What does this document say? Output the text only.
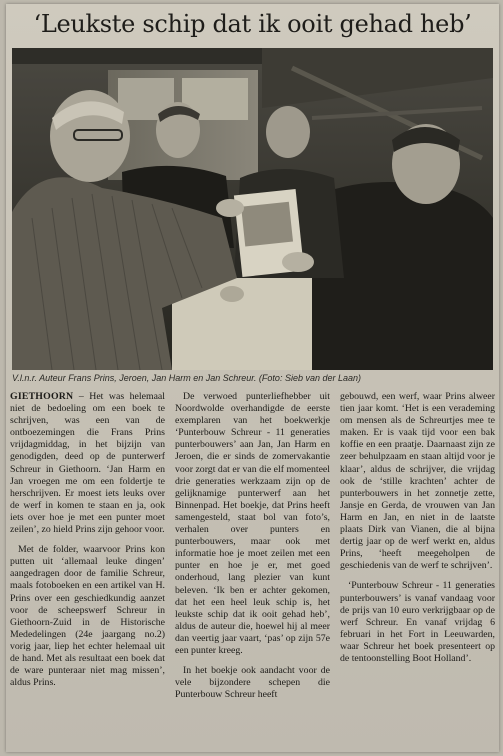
‘Leukste schip dat ik ooit gehad heb’
V.l.n.r. Auteur Frans Prins, Jeroen, Jan Harm en Jan Schreur. (Foto: Sieb van der Laan)

GIETHOORN – Het was helemaal niet de bedoeling om een boek te schrijven, was een van de ontboezemingen die Frans Prins vrijdagmiddag, in het bijzijn van genodigden, deed op de punterwerf Schreur in Giethoorn. ‘Jan Harm en Jan vroegen me om een foldertje te herschrijven. Er moest iets leuks over de werf in komen te staan en ja, ook iets over hoe je met een punter moet zeilen’, zo hield Prins zijn gehoor voor.

Met de folder, waarvoor Prins kon putten uit ‘allemaal leuke dingen’ aangedragen door de familie Schreur, maals fotoboeken en een artikel van H. Prins over een geschiedkundig aanzet voor de scheepswerf Schreur in Giethoorn-Zuid in de Historische Mededelingen (24e jaargang no.2) vorig jaar, liep het echter helemaal uit de hand. Met als resultaat een boek dat de ware punteraar niet mag missen’, aldus Prins.

De verwoed punterliefhebber uit Noordwolde overhandigde de eerste exemplaren van het boekwerkje ‘Punterbouw Schreur - 11 generaties punterbouwers’ aan Jan, Jan Harm en Jeroen, die er sinds de zomervakantie voor zorgt dat er van die elf momenteel drie generaties werkzaam zijn op de gelijknamige punterwerf aan het Binnenpad. Het boekje, dat Prins heeft samengesteld, staat bol van foto’s, verhalen over punters en punterbouwers, maar ook met informatie hoe je moet zeilen met een punter en hoe je er, met goed onderhoud, lang plezier van kunt beleven. ‘Ik ben er achter gekomen, dat het een heel leuk schip is, het leukste schip dat ik ooit gehad heb’, aldus de auteur die, hoewel hij al meer dan veertig jaar vaart, ‘pas’ op zijn 57e een punter kreeg.

In het boekje ook aandacht voor de vele bijzondere schepen die Punterbouw Schreur heeft

gebouwd, een werf, waar Prins alweer tien jaar komt. ‘Het is een verademing om mensen als de Schreurtjes mee te maken. Er is vaak tijd voor een bak koffie en een praatje. Daarnaast zijn ze zeer behulpzaam en staan altijd voor je klaar’, aldus de schrijver, die vrijdag ook de ‘stille krachten’ achter de punterbouwers in het zonnetje zette, Jansje en Gerda, de vrouwen van Jan Harm en Jan, en niet in de laatste plaats Dirk van Vianen, die al bijna dertig jaar op de werf werkt en, aldus Prins, ‘heeft meegeholpen de geschiedenis van de werf te schrijven’.

‘Punterbouw Schreur - 11 generaties punterbouwers’ is vanaf vandaag voor de prijs van 10 euro verkrijgbaar op de werf Schreur. En vanaf vrijdag 6 februari in het Fort in Leeuwarden, waar Schreur het boek presenteert op de tentoonstelling Boot Holland’.
